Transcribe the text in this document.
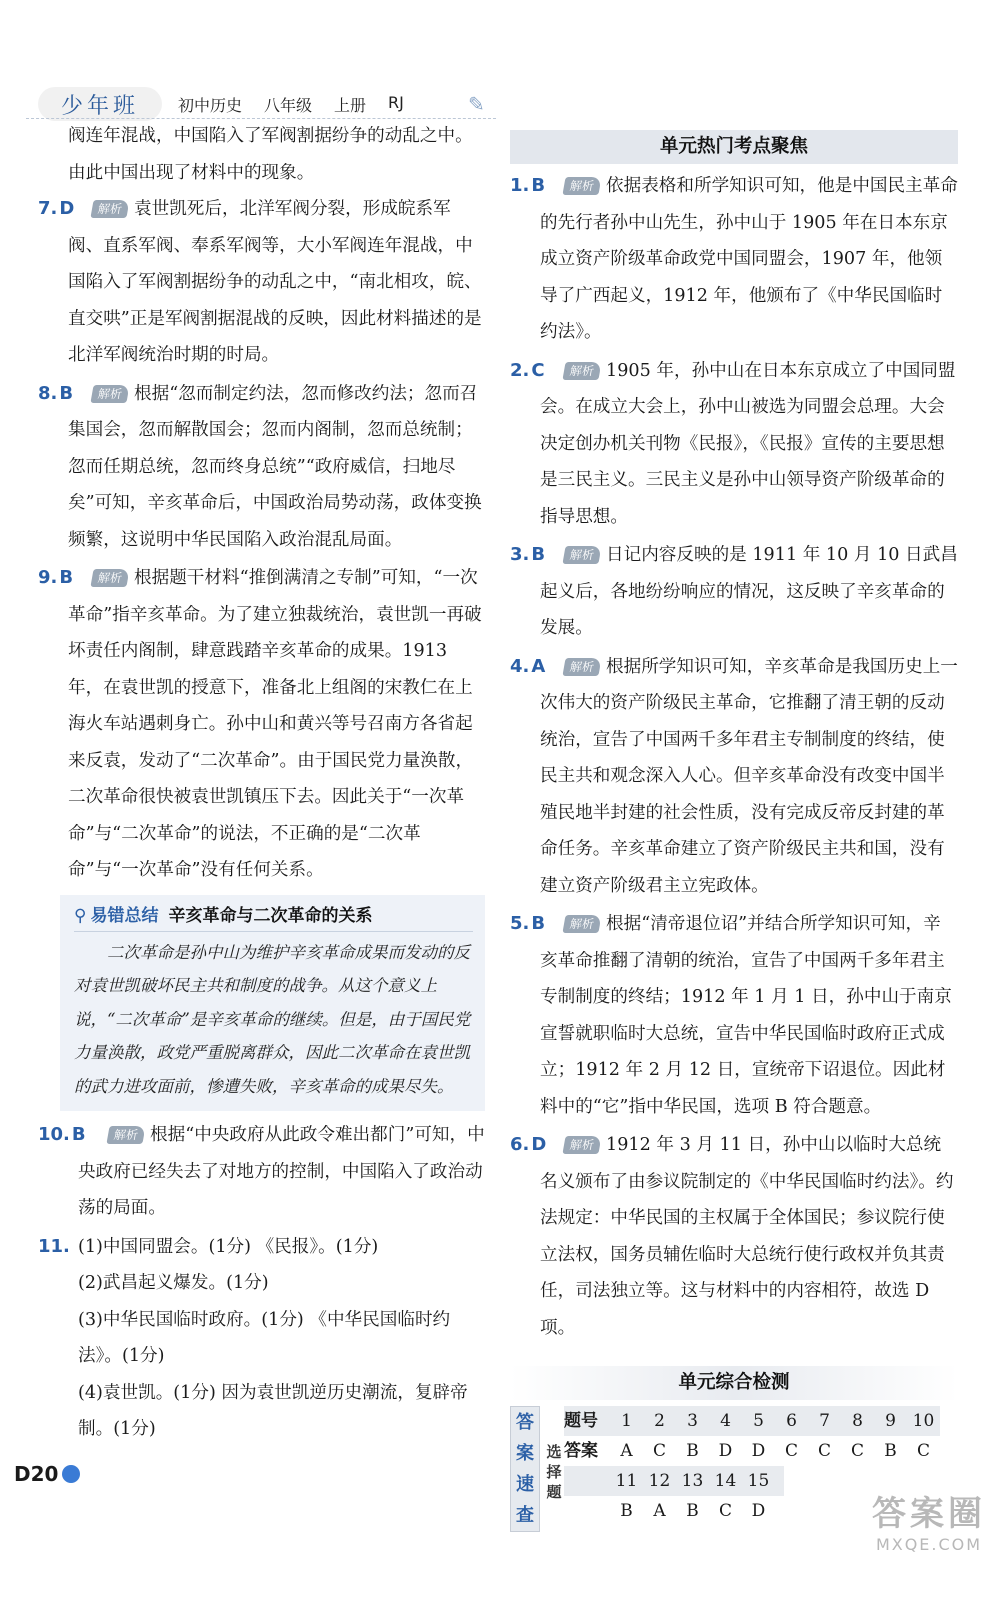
少年班	初中历史 八年级 上册 RJ	✎

阀连年混战，中国陷入了军阀割据纷争的动乱之中。由此中国出现了材料中的现象。

7. D 解析 袁世凯死后，北洋军阀分裂，形成皖系军阀、直系军阀、奉系军阀等，大小军阀连年混战，中国陷入了军阀割据纷争的动乱之中，“南北相攻，皖、直交哄”正是军阀割据混战的反映，因此材料描述的是北洋军阀统治时期的时局。
8. B 解析 根据“忽而制定约法，忽而修改约法；忽而召集国会，忽而解散国会；忽而内阁制，忽而总统制；忽而任期总统，忽而终身总统”“政府威信，扫地尽矣”可知，辛亥革命后，中国政治局势动荡，政体变换频繁，这说明中华民国陷入政治混乱局面。
9. B 解析 根据题干材料“推倒满清之专制”可知，“一次革命”指辛亥革命。为了建立独裁统治，袁世凯一再破坏责任内阁制，肆意践踏辛亥革命的成果。1913 年，在袁世凯的授意下，准备北上组阁的宋教仁在上海火车站遇刺身亡。孙中山和黄兴等号召南方各省起来反袁，发动了“二次革命”。由于国民党力量涣散，二次革命很快被袁世凯镇压下去。因此关于“一次革命”与“二次革命”的说法，不正确的是“二次革命”与“一次革命”没有任何关系。
⚲ 易错总结 辛亥革命与二次革命的关系
二次革命是孙中山为维护辛亥革命成果而发动的反对袁世凯破坏民主共和制度的战争。从这个意义上说，“二次革命”是辛亥革命的继续。但是，由于国民党力量涣散，政党严重脱离群众，因此二次革命在袁世凯的武力进攻面前，惨遭失败，辛亥革命的成果尽失。
10. B 解析 根据“中央政府从此政令难出都门”可知，中央政府已经失去了对地方的控制，中国陷入了政治动荡的局面。
11. (1)中国同盟会。(1分) 《民报》。(1分)
(2)武昌起义爆发。(1分)
(3)中华民国临时政府。(1分) 《中华民国临时约法》。(1分)
(4)袁世凯。(1分) 因为袁世凯逆历史潮流，复辟帝制。(1分)
单元热门考点聚焦
1. B 解析 依据表格和所学知识可知，他是中国民主革命的先行者孙中山先生，孙中山于 1905 年在日本东京成立资产阶级革命政党中国同盟会，1907 年，他领导了广西起义，1912 年，他颁布了《中华民国临时约法》。
2. C 解析 1905 年，孙中山在日本东京成立了中国同盟会。在成立大会上，孙中山被选为同盟会总理。大会决定创办机关刊物《民报》，《民报》宣传的主要思想是三民主义。三民主义是孙中山领导资产阶级革命的指导思想。
3. B 解析 日记内容反映的是 1911 年 10 月 10 日武昌起义后，各地纷纷响应的情况，这反映了辛亥革命的发展。
4. A 解析 根据所学知识可知，辛亥革命是我国历史上一次伟大的资产阶级民主革命，它推翻了清王朝的反动统治，宣告了中国两千多年君主专制制度的终结，使民主共和观念深入人心。但辛亥革命没有改变中国半殖民地半封建的社会性质，没有完成反帝反封建的革命任务。辛亥革命建立了资产阶级民主共和国，没有建立资产阶级君主立宪政体。
5. B 解析 根据“清帝退位诏”并结合所学知识可知，辛亥革命推翻了清朝的统治，宣告了中国两千多年君主专制制度的终结；1912 年 1 月 1 日，孙中山于南京宣誓就职临时大总统，宣告中华民国临时政府正式成立；1912 年 2 月 12 日，宣统帝下诏退位。因此材料中的“它”指中华民国，选项 B 符合题意。
6. D 解析 1912 年 3 月 11 日，孙中山以临时大总统名义颁布了由参议院制定的《中华民国临时约法》。约法规定：中华民国的主权属于全体国民；参议院行使立法权，国务员辅佐临时大总统行使行政权并负其责任，司法独立等。这与材料中的内容相符，故选 D 项。
单元综合检测
答
案
速
查
选
择
题
题号	1	2	3	4	5	6	7	8	9 10
答案	A	C	B	D	D	C	C	C	B	C
11 12 13 14 15
B	A	B	C	D
D20
答案圈
MXQE.COM
